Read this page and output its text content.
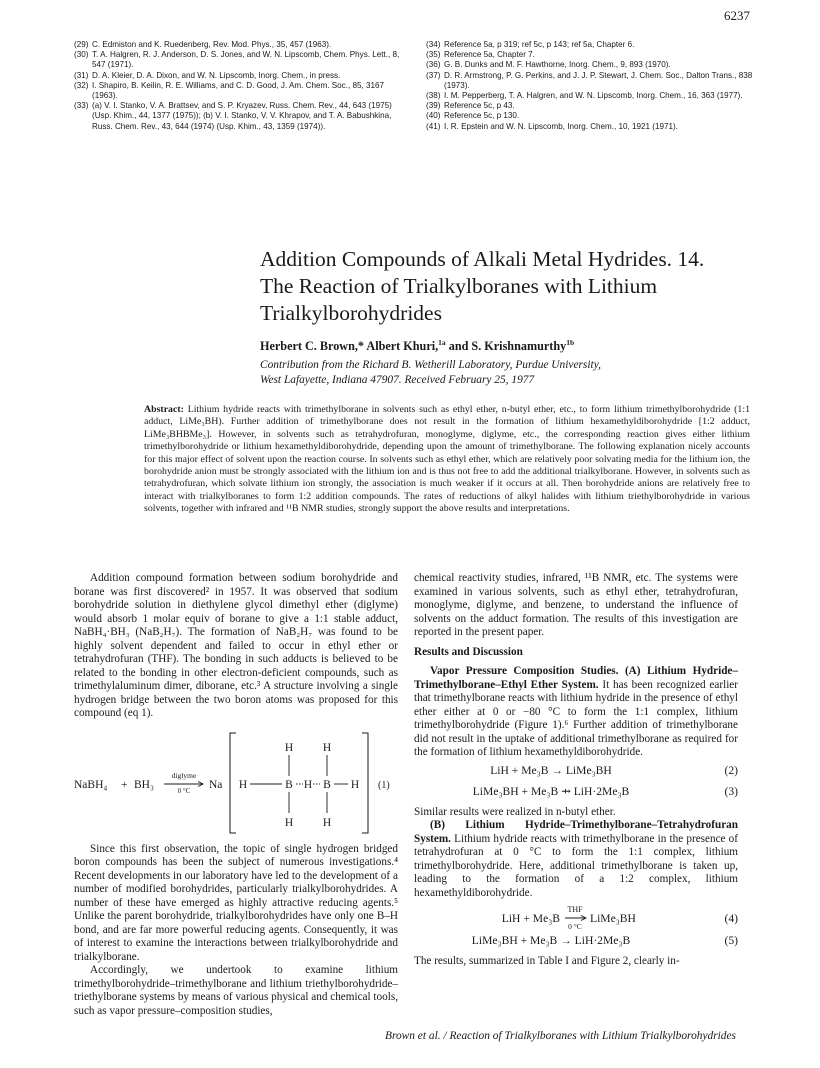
6237
(29) C. Edmiston and K. Ruedenberg, Rev. Mod. Phys., 35, 457 (1963).
(30) T. A. Halgren, R. J. Anderson, D. S. Jones, and W. N. Lipscomb, Chem. Phys. Lett., 8, 547 (1971).
(31) D. A. Kleier, D. A. Dixon, and W. N. Lipscomb, Inorg. Chem., in press.
(32) I. Shapiro, B. Keilin, R. E. Williams, and C. D. Good, J. Am. Chem. Soc., 85, 3167 (1963).
(33) (a) V. I. Stanko, V. A. Brattsev, and S. P. Kryazev, Russ. Chem. Rev., 44, 643 (1975) (Usp. Khim., 44, 1377 (1975)); (b) V. I. Stanko, V. V. Khrapov, and T. A. Babushkina, Russ. Chem. Rev., 43, 644 (1974) (Usp. Khim., 43, 1359 (1974)).
(34) Reference 5a, p 319; ref 5c, p 143; ref 5a, Chapter 6.
(35) Reference 5a, Chapter 7.
(36) G. B. Dunks and M. F. Hawthorne, Inorg. Chem., 9, 893 (1970).
(37) D. R. Armstrong, P. G. Perkins, and J. J. P. Stewart, J. Chem. Soc., Dalton Trans., 838 (1973).
(38) I. M. Pepperberg, T. A. Halgren, and W. N. Lipscomb, Inorg. Chem., 16, 363 (1977).
(39) Reference 5c, p 43.
(40) Reference 5c, p 130.
(41) I. R. Epstein and W. N. Lipscomb, Inorg. Chem., 10, 1921 (1971).
Addition Compounds of Alkali Metal Hydrides. 14.
The Reaction of Trialkylboranes with Lithium
Trialkylborohydrides
Herbert C. Brown,* Albert Khuri,$^{1a}$ and S. Krishnamurthy$^{1b}$
Contribution from the Richard B. Wetherill Laboratory, Purdue University,
West Lafayette, Indiana 47907. Received February 25, 1977
Abstract: Lithium hydride reacts with trimethylborane in solvents such as ethyl ether, n-butyl ether, etc., to form lithium trimethylborohydride (1:1 adduct, LiMe₃BH). Further addition of trimethylborane does not result in the formation of lithium hexamethyldiborohydride [1:2 adduct, LiMe₃BHBMe₃]. However, in solvents such as tetrahydrofuran, monoglyme, diglyme, etc., the corresponding reaction gives either lithium trimethylborohydride or lithium hexamethyldiborohydride, depending upon the amount of trimethylborane. The following explanation nicely accounts for this major effect of solvent upon the reaction course. In solvents such as ethyl ether, which are relatively poor solvating media for the lithium ion, the borohydride anion must be strongly associated with the lithium ion and is thus not free to add the additional trialkylborane. However, in solvents such as tetrahydrofuran, which solvate lithium ion strongly, the association is much weaker if it occurs at all. Then borohydride anions are relatively free to interact with trialkylboranes to form 1:2 addition compounds. The rates of reductions of alkyl halides with lithium triethylborohydride in various solvents, together with infrared and ¹¹B NMR studies, strongly support the above results and interpretations.

Addition compound formation between sodium borohydride and borane was first discovered² in 1957. It was observed that sodium borohydride solution in diethylene glycol dimethyl ether (diglyme) would absorb 1 molar equiv of borane to give a 1:1 stable adduct, NaBH₄·BH₃ (NaB₂H₇). The formation of NaB₂H₇ was found to be highly solvent dependent and failed to occur in ethyl ether or tetrahydrofuran (THF). The bonding in such adducts is believed to be related to the bonding in other electron-deficient compounds, such as trimethylaluminum dimer, diborane, etc.³ A structure involving a single hydrogen bridge between the two boron atoms was proposed for this compound (eq 1).

NaBH₄ + BH₃
diglyme
0 °C Na
H	H
H	B H B H
H	H
(1)

Since this first observation, the topic of single hydrogen bridged boron compounds has been the subject of numerous investigations.⁴ Recent developments in our laboratory have led to the development of a number of modified borohydrides, particularly trialkylborohydrides. A number of these have emerged as highly attractive reducing agents.⁵ Unlike the parent borohydride, trialkylborohydrides have only one B–H bond, and are far more powerful reducing agents. Consequently, it was of interest to examine the interactions between trialkylborohydride and trialkylborane.

Accordingly, we undertook to examine lithium trimethylborohydride–trimethylborane and lithium triethylborohydride–triethylborane systems by means of various physical and chemical tools, such as vapor pressure–composition studies,

chemical reactivity studies, infrared, ¹¹B NMR, etc. The systems were examined in various solvents, such as ethyl ether, tetrahydrofuran, monoglyme, diglyme, and benzene, to understand the influence of solvents on the adduct formation. The results of this investigation are reported in the present paper.

Results and Discussion

Vapor Pressure Composition Studies. (A) Lithium Hydride–Trimethylborane–Ethyl Ether System. It has been recognized earlier that trimethylborane reacts with lithium hydride in the presence of ethyl ether either at 0 or −80 °C to form the 1:1 complex, lithium trimethylborohydride (Figure 1).⁶ Further addition of trimethylborane did not result in the uptake of additional trimethylborane as required for the formation of lithium hexamethyldiborohydride.

LiH + Me₃B → LiMe₃BH	(2)
LiMe₃BH + Me₃B ⇸ LiH·2Me₃B	(3)

Similar results were realized in n-butyl ether.

(B) Lithium Hydride–Trimethylborane–Tetrahydrofuran System. Lithium hydride reacts with trimethylborane in the presence of tetrahydrofuran at 0 °C to form the 1:1 complex, lithium trimethylborohydride. Here, additional trimethylborane is taken up, leading to the formation of a 1:2 complex, lithium hexamethyldiborohydride.

LiH + Me₃B
THF
0 °C
LiMe₃BH	(4)
LiMe₃BH + Me₃B → LiH·2Me₃B	(5)

The results, summarized in Table I and Figure 2, clearly in-

Brown et al. / Reaction of Trialkylboranes with Lithium Trialkylborohydrides
